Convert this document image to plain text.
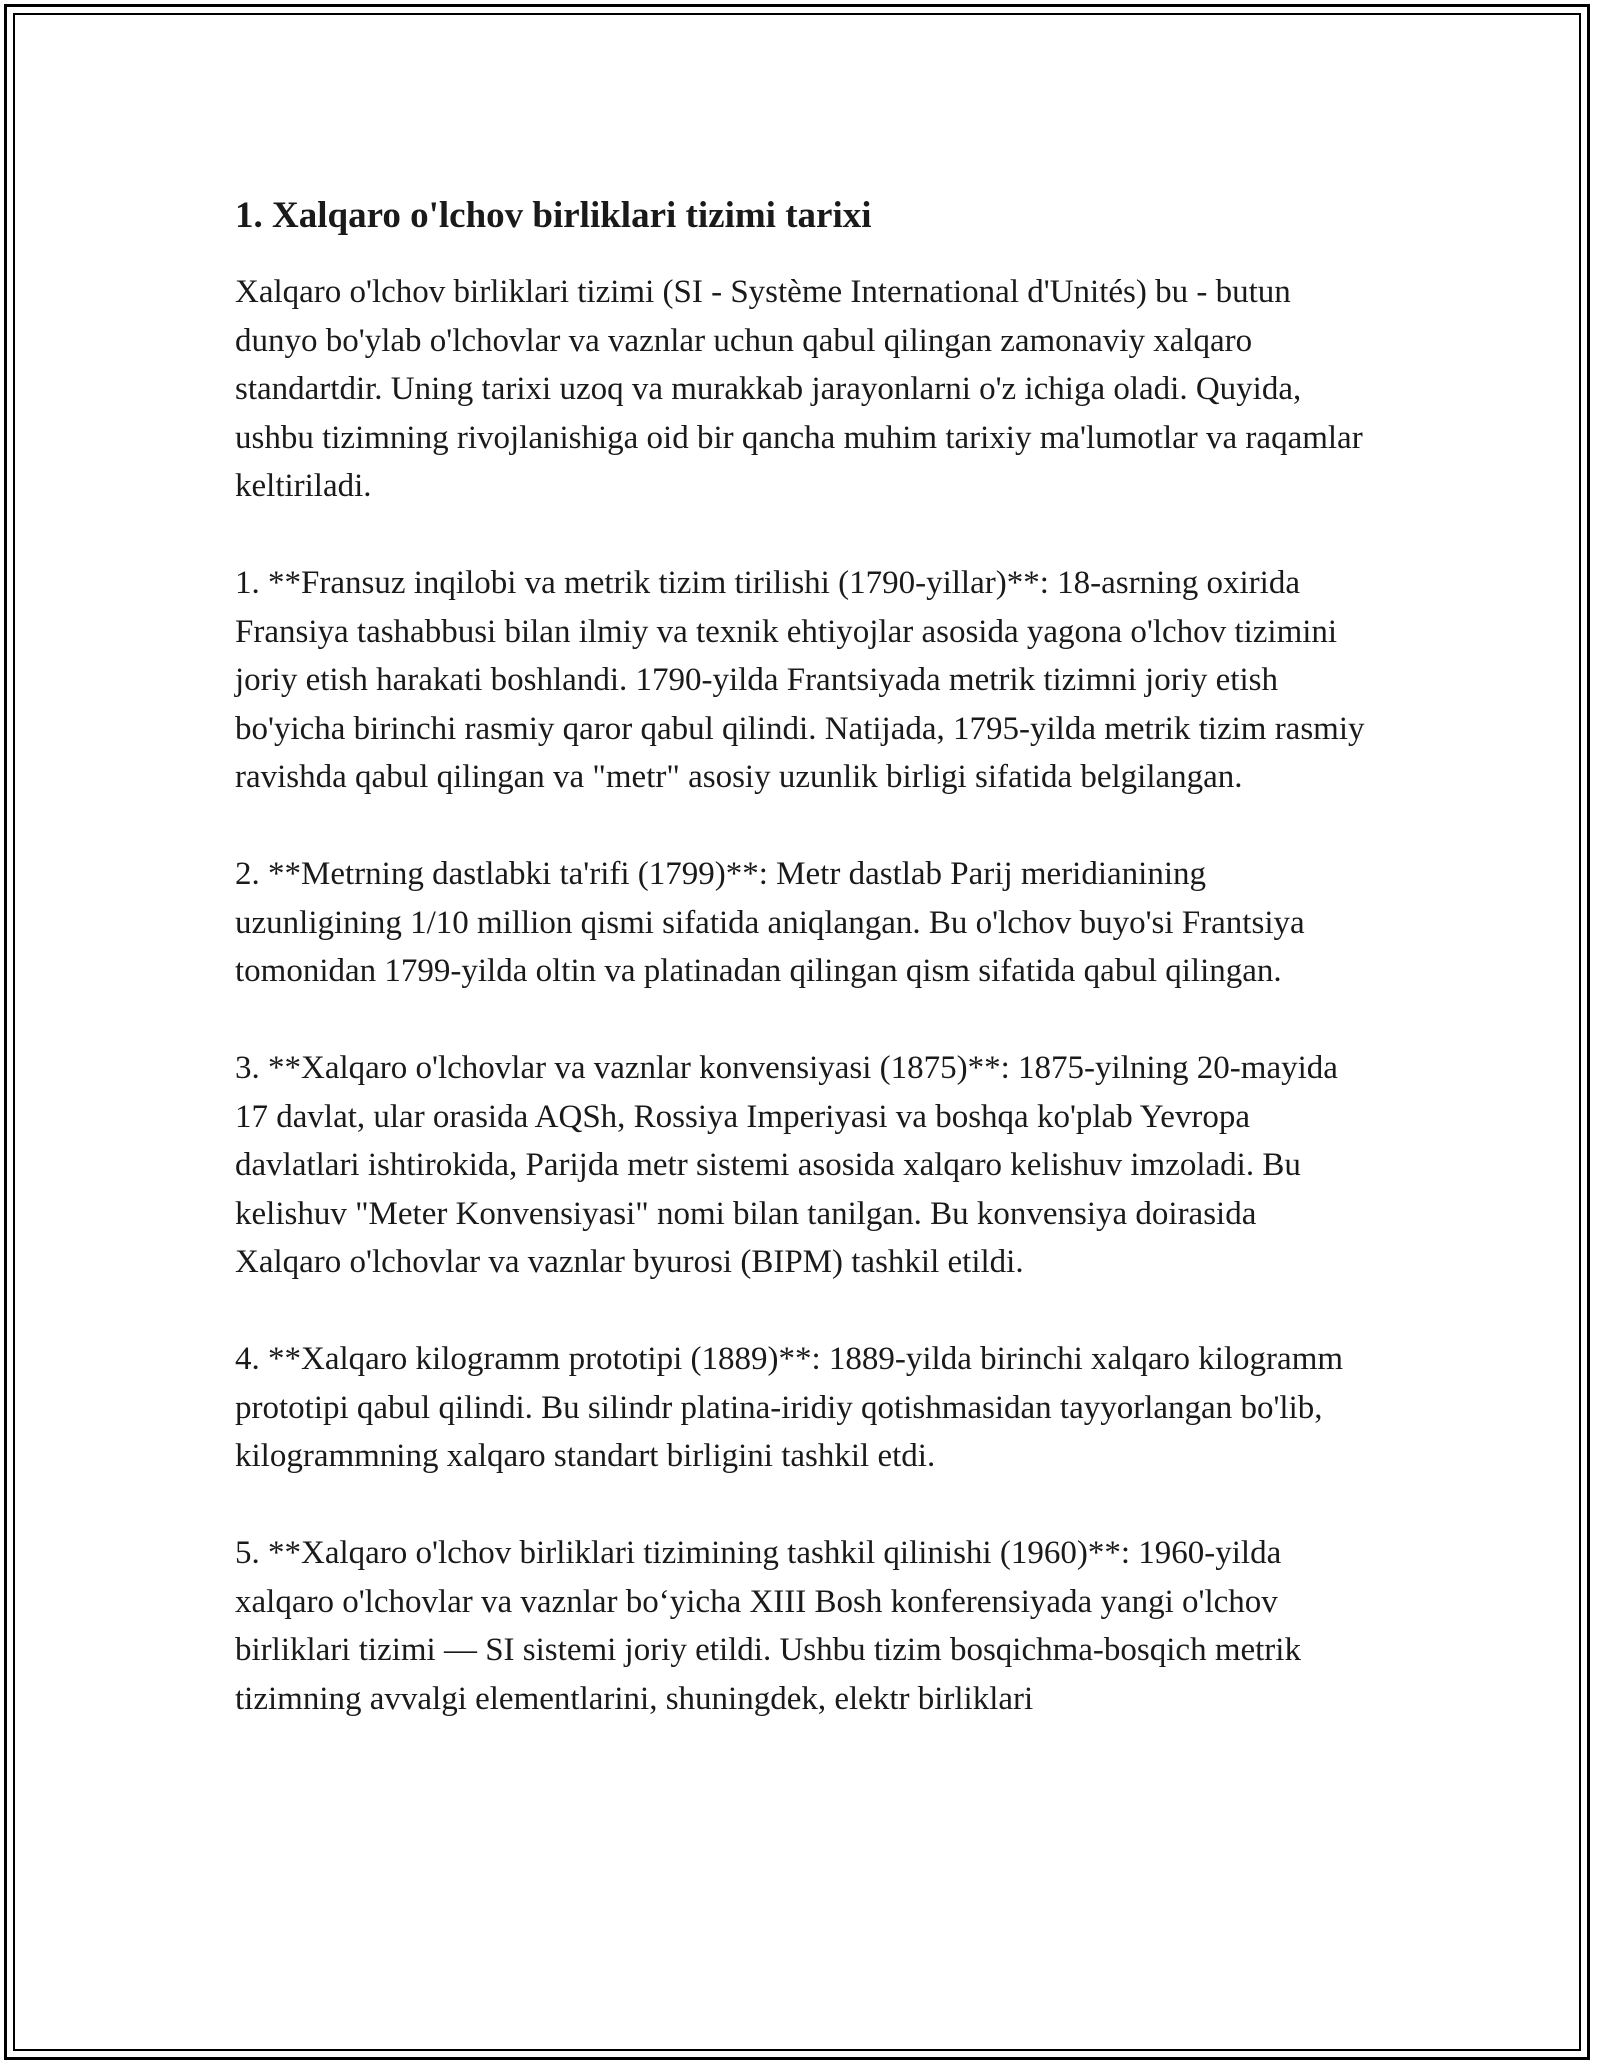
1. Xalqaro o'lchov birliklari tizimi tarixi

Xalqaro o'lchov birliklari tizimi (SI - Système International d'Unités) bu - butun dunyo bo'ylab o'lchovlar va vaznlar uchun qabul qilingan zamonaviy xalqaro standartdir. Uning tarixi uzoq va murakkab jarayonlarni o'z ichiga oladi. Quyida, ushbu tizimning rivojlanishiga oid bir qancha muhim tarixiy ma'lumotlar va raqamlar keltiriladi.

1. **Fransuz inqilobi va metrik tizim tirilishi (1790-yillar)**: 18-asrning oxirida Fransiya tashabbusi bilan ilmiy va texnik ehtiyojlar asosida yagona o'lchov tizimini joriy etish harakati boshlandi. 1790-yilda Frantsiyada metrik tizimni joriy etish bo'yicha birinchi rasmiy qaror qabul qilindi. Natijada, 1795-yilda metrik tizim rasmiy ravishda qabul qilingan va "metr" asosiy uzunlik birligi sifatida belgilangan.

2. **Metrning dastlabki ta'rifi (1799)**: Metr dastlab Parij meridianining uzunligining 1/10 million qismi sifatida aniqlangan. Bu o'lchov buyo'si Frantsiya tomonidan 1799-yilda oltin va platinadan qilingan qism sifatida qabul qilingan.

3. **Xalqaro o'lchovlar va vaznlar konvensiyasi (1875)**: 1875-yilning 20-mayida 17 davlat, ular orasida AQSh, Rossiya Imperiyasi va boshqa ko'plab Yevropa davlatlari ishtirokida, Parijda metr sistemi asosida xalqaro kelishuv imzoladi. Bu kelishuv "Meter Konvensiyasi" nomi bilan tanilgan. Bu konvensiya doirasida Xalqaro o'lchovlar va vaznlar byurosi (BIPM) tashkil etildi.

4. **Xalqaro kilogramm prototipi (1889)**: 1889-yilda birinchi xalqaro kilogramm prototipi qabul qilindi. Bu silindr platina-iridiy qotishmasidan tayyorlangan bo'lib, kilogrammning xalqaro standart birligini tashkil etdi.

5. **Xalqaro o'lchov birliklari tizimining tashkil qilinishi (1960)**: 1960-yilda xalqaro o'lchovlar va vaznlar bo‘yicha XIII Bosh konferensiyada yangi o'lchov birliklari tizimi — SI sistemi joriy etildi. Ushbu tizim bosqichma-bosqich metrik tizimning avvalgi elementlarini, shuningdek, elektr birliklari
